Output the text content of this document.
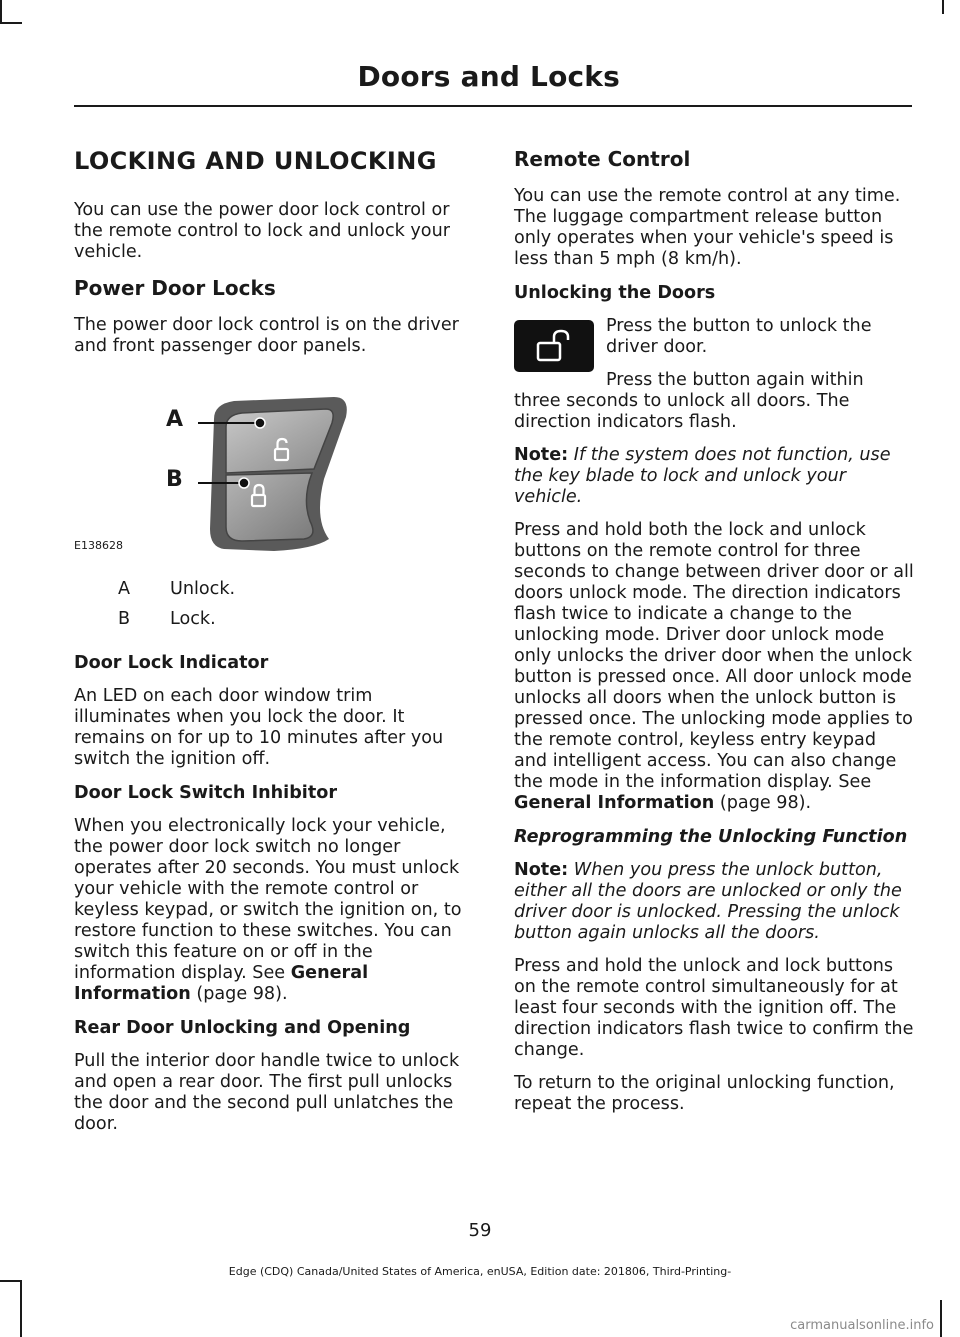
Doors and Locks
LOCKING AND UNLOCKING

You can use the power door lock control or the remote control to lock and unlock your vehicle.

Power Door Locks

The power door lock control is on the driver and front passenger door panels.

A
B
E138628
A	Unlock.
B	Lock.
Door Lock Indicator

An LED on each door window trim illuminates when you lock the door. It remains on for up to 10 minutes after you switch the ignition off.

Door Lock Switch Inhibitor

When you electronically lock your vehicle, the power door lock switch no longer operates after 20 seconds. You must unlock your vehicle with the remote control or keyless keypad, or switch the ignition on, to restore function to these switches. You can switch this feature on or off in the information display. See General Information (page 98).

Rear Door Unlocking and Opening

Pull the interior door handle twice to unlock and open a rear door. The first pull unlocks the door and the second pull unlatches the door.

Remote Control

You can use the remote control at any time. The luggage compartment release button only operates when your vehicle's speed is less than 5 mph (8 km/h).

Unlocking the Doors

Press the button to unlock the driver door.

Press the button again within three seconds to unlock all doors. The direction indicators flash.

Note: If the system does not function, use the key blade to lock and unlock your vehicle.

Press and hold both the lock and unlock buttons on the remote control for three seconds to change between driver door or all doors unlock mode. The direction indicators flash twice to indicate a change to the unlocking mode. Driver door unlock mode only unlocks the driver door when the unlock button is pressed once. All door unlock mode unlocks all doors when the unlock button is pressed once. The unlocking mode applies to the remote control, keyless entry keypad and intelligent access. You can also change the mode in the information display. See General Information (page 98).

Reprogramming the Unlocking Function

Note: When you press the unlock button, either all the doors are unlocked or only the driver door is unlocked. Pressing the unlock button again unlocks all the doors.

Press and hold the unlock and lock buttons on the remote control simultaneously for at least four seconds with the ignition off. The direction indicators flash twice to confirm the change.

To return to the original unlocking function, repeat the process.

59
Edge (CDQ) Canada/United States of America, enUSA, Edition date: 201806, Third-Printing-
carmanualsonline.info
